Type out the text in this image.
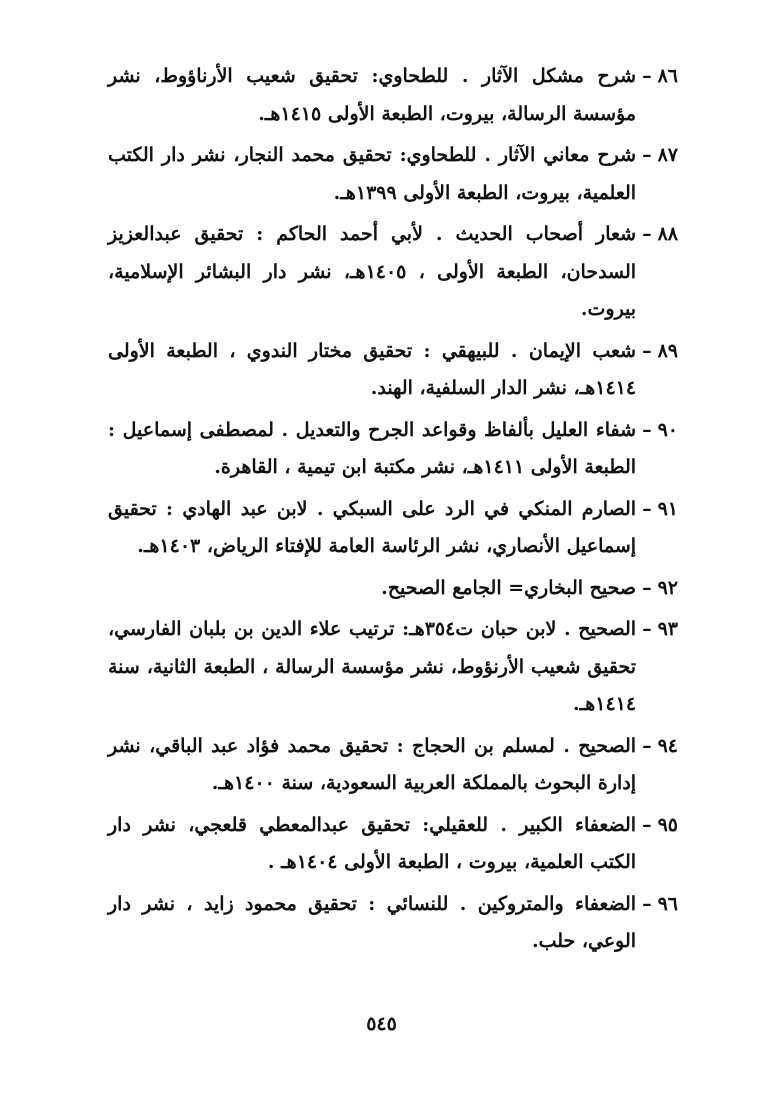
٨٦
–
شرح مشكل الآثار . للطحاوي: تحقيق شعيب الأرناؤوط، نشر مؤسسة الرسالة، بيروت، الطبعة الأولى ١٤١٥هـ.
٨٧
–
شرح معاني الآثار . للطحاوي: تحقيق محمد النجار، نشر دار الكتب العلمية، بيروت، الطبعة الأولى ١٣٩٩هـ.
٨٨
–
شعار أصحاب الحديث . لأبي أحمد الحاكم : تحقيق عبدالعزيز السدحان، الطبعة الأولى ، ١٤٠٥هـ، نشر دار البشائر الإسلامية، بيروت.
٨٩
–
شعب الإيمان . للبيهقي : تحقيق مختار الندوي ، الطبعة الأولى ١٤١٤هـ، نشر الدار السلفية، الهند.
٩٠
–
شفاء العليل بألفاظ وقواعد الجرح والتعديل . لمصطفى إسماعيل : الطبعة الأولى ١٤١١هـ، نشر مكتبة ابن تيمية ، القاهرة.
٩١
–
الصارم المنكي في الرد على السبكي . لابن عبد الهادي : تحقيق إسماعيل الأنصاري، نشر الرئاسة العامة للإفتاء الرياض، ١٤٠٣هـ.
٩٢
–
صحيح البخاري= الجامع الصحيح.
٩٣
–
الصحيح . لابن حبان ت٣٥٤هـ: ترتيب علاء الدين بن بلبان الفارسي، تحقيق شعيب الأرنؤوط، نشر مؤسسة الرسالة ، الطبعة الثانية، سنة ١٤١٤هـ.
٩٤
–
الصحيح . لمسلم بن الحجاج : تحقيق محمد فؤاد عبد الباقي، نشر إدارة البحوث بالمملكة العربية السعودية، سنة ١٤٠٠هـ.
٩٥
–
الضعفاء الكبير . للعقيلي: تحقيق عبدالمعطي قلعجي، نشر دار الكتب العلمية، بيروت ، الطبعة الأولى ١٤٠٤هـ .
٩٦
–
الضعفاء والمتروكين . للنسائي : تحقيق محمود زايد ، نشر دار الوعي، حلب.
٥٤٥
